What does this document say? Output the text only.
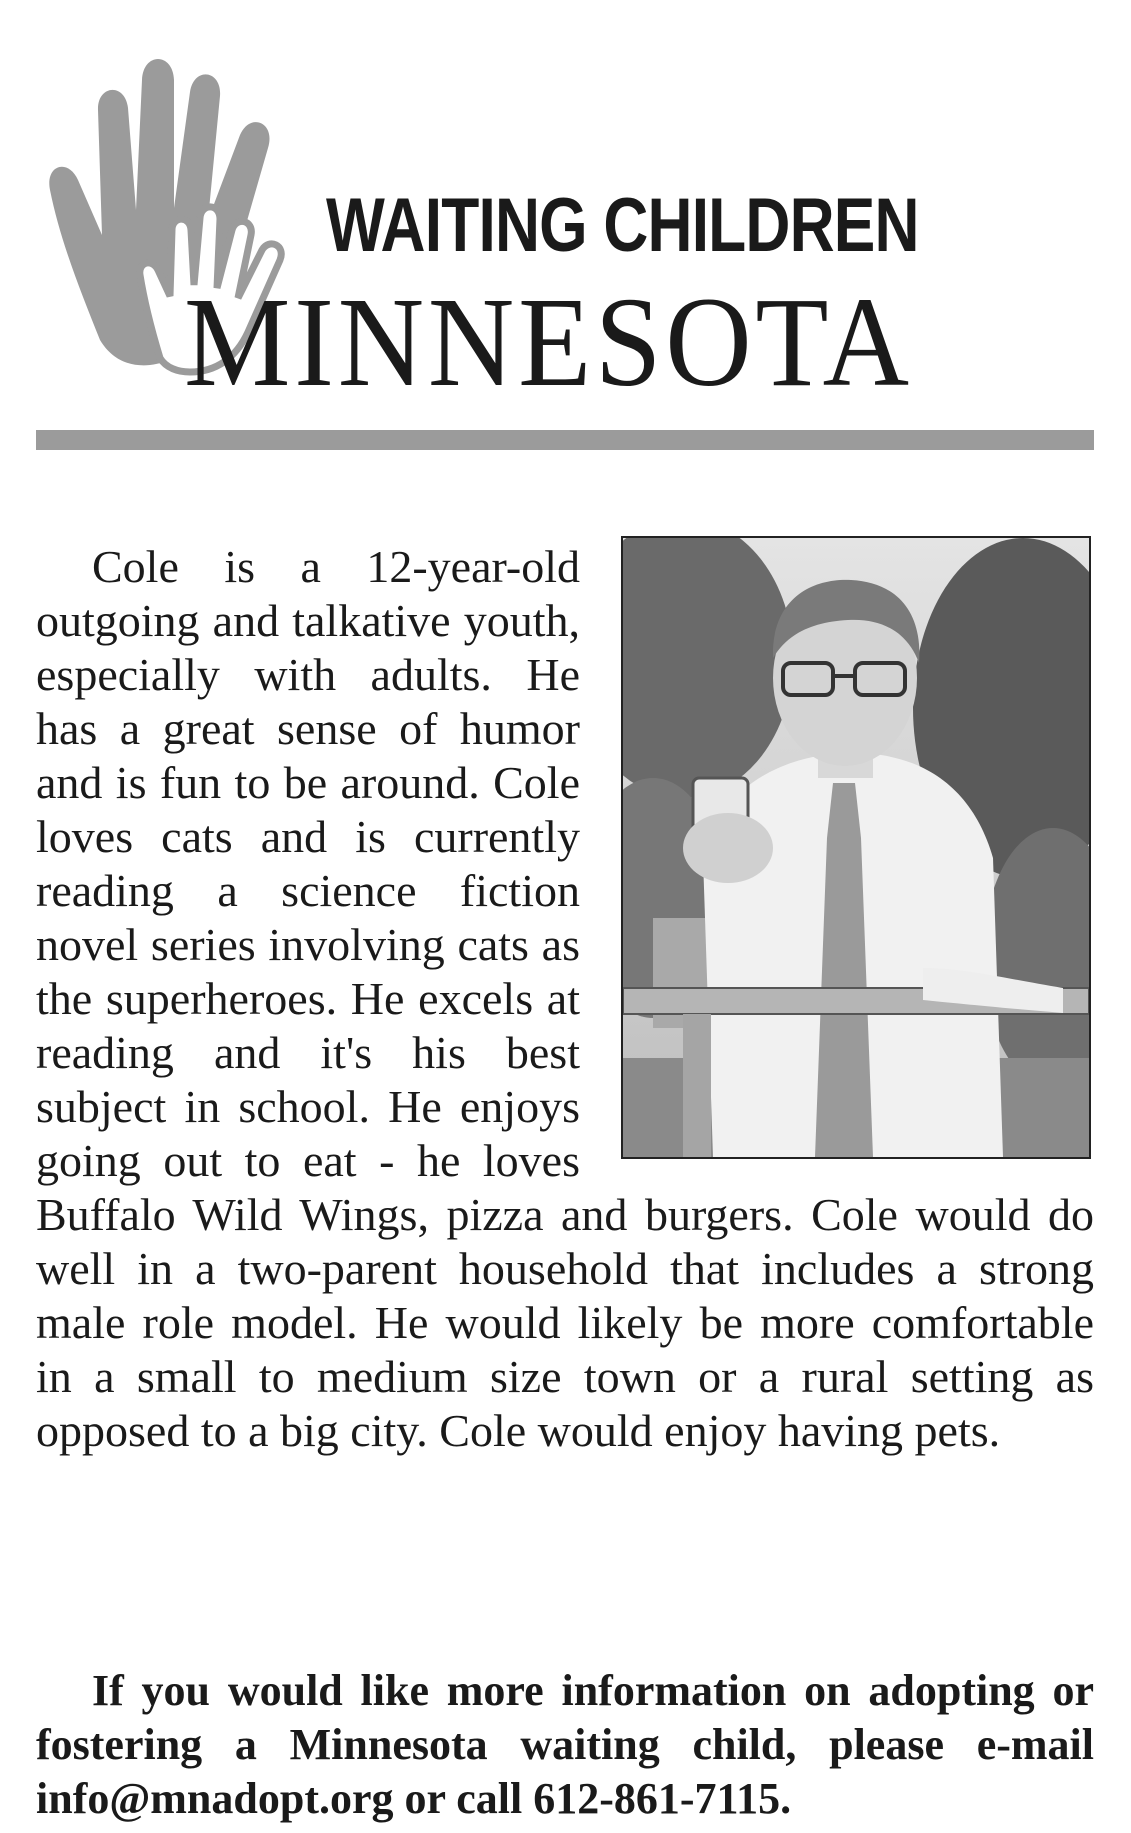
WAITING CHILDREN
MINNESOTA

Cole is a 12-year-old outgoing and talkative youth, especially with adults. He has a great sense of humor and is fun to be around. Cole loves cats and is currently reading a science fiction novel series involving cats as the superheroes. He excels at reading and it's his best subject in school. He enjoys going out to eat - he loves Buffalo Wild Wings, pizza and burgers. Cole would do well in a two-parent household that includes a strong male role model. He would likely be more comfortable in a small to medium size town or a rural setting as opposed to a big city. Cole would enjoy having pets.

If you would like more information on adopting or fostering a Minnesota waiting child, please e-mail info@mnadopt.org or call 612-861-7115.
